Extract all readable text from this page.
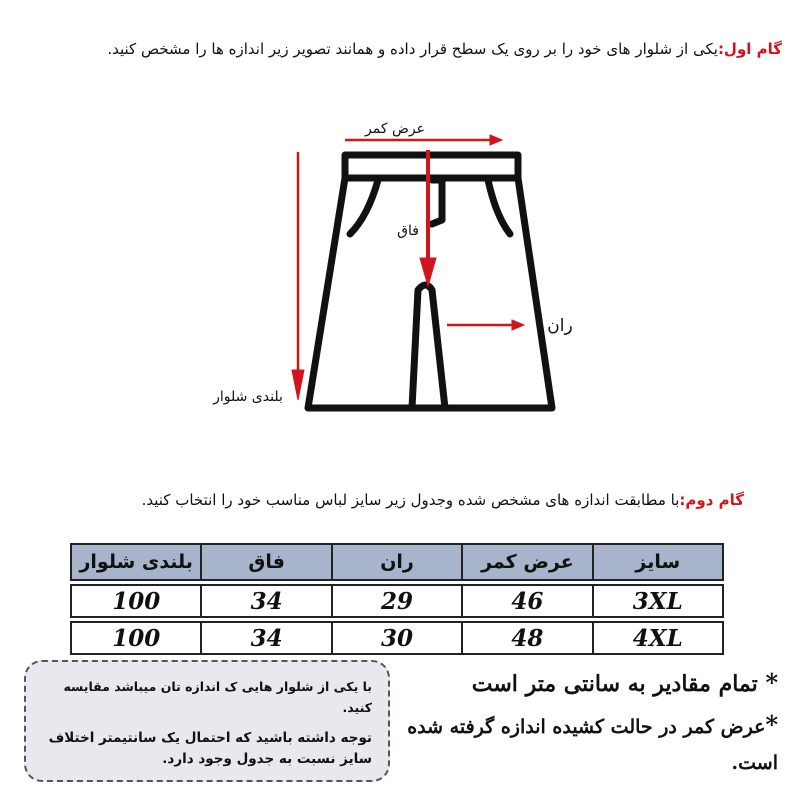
گام اول:یکی از شلوار های خود را بر روی یک سطح قرار داده و همانند تصویر زیر اندازه ها را مشخص کنید.
عرض کمر
فاق
ران
بلندی شلوار
گام دوم:با مطابقت اندازه های مشخص شده وجدول زیر سایز لباس مناسب خود را انتخاب کنید.
سایز	عرض کمر	ران	فاق	بلندی شلوار

3XL	46	29	34	100

4XL	48	30	34	100

با یکی از شلوار هایی ک اندازه تان میباشد مقایسه کنید.

توجه داشته باشید که احتمال یک سانتیمتر اختلاف سایز نسبت به جدول وجود دارد.

* تمام مقادیر به سانتی متر است
*عرض کمر در حالت کشیده اندازه گرفته شده است.
